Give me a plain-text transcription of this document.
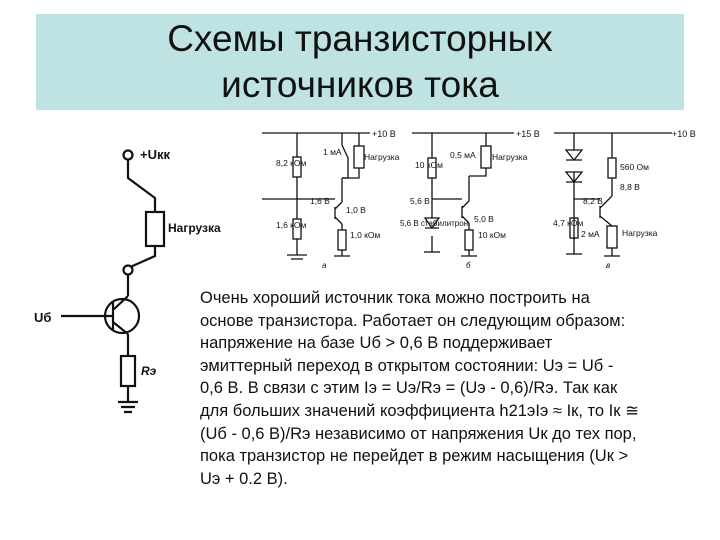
Схемы транзисторных
источников тока
+Uкк
Нагрузка
Uб
Rэ
+10 В
8,2 кОм
1,6 кОм
1,6 В
Нагрузка
1 мА
1,0 В
1,0 кОм
а
+15 В
10 кОм
5,6 В
5,6 В стабилитрон
Нагрузка
0,5 мА
5,0 В
10 кОм
б
+10 В
4,7 кОм
8,2 В
560 Ом
8,8 В
2 мА	Нагрузка
в
Очень хороший источник тока можно построить на
основе транзистора. Работает он следующим образом:
напряжение на базе Uб > 0,6 В поддерживает
эмиттерный переход в открытом состоянии: Uэ = Uб -
0,6 В. В связи с этим Iэ = Uэ/Rэ = (Uэ - 0,6)/Rэ. Так как
для больших значений коэффициента h21эIэ ≈ Iк, то Iк ≅
(Uб - 0,6 В)/Rэ независимо от напряжения Uк до тех пор,
пока транзистор не перейдет в режим насыщения (Uк >
Uэ + 0.2 В).
